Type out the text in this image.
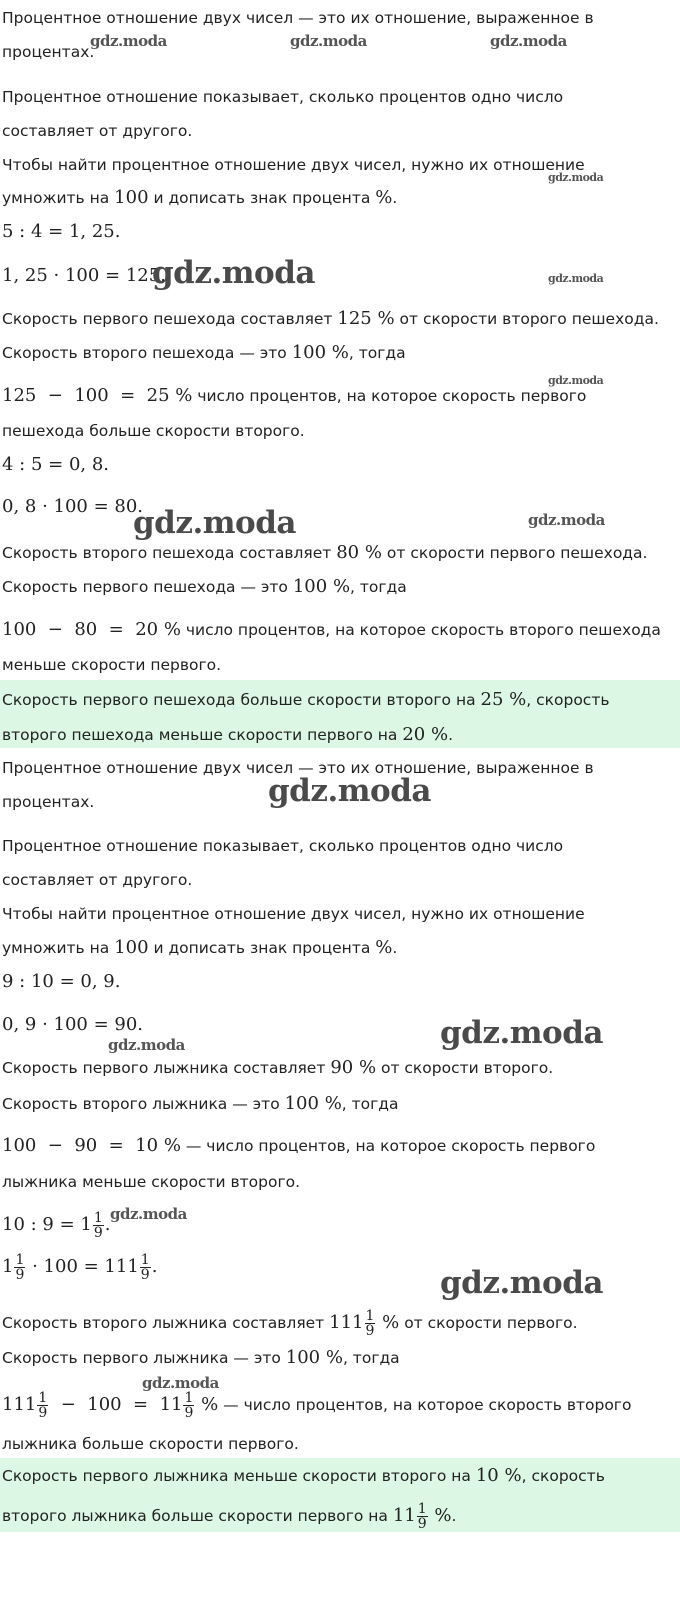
Процентное отношение двух чисел — это их отношение, выраженное в
процентах.
Процентное отношение показывает, сколько процентов одно число
составляет от другого.
Чтобы найти процентное отношение двух чисел, нужно их отношение
умножить на 100 и дописать знак процента %.
5 : 4 = 1, 25.
1, 25 · 100 = 125.
Скорость первого пешехода составляет 125 % от скорости второго пешехода.
Скорость второго пешехода — это 100 %, тогда
125  −  100  =  25 % число процентов, на которое скорость первого
пешехода больше скорости второго.
4 : 5 = 0, 8.
0, 8 · 100 = 80.
Скорость второго пешехода составляет 80 % от скорости первого пешехода.
Скорость первого пешехода — это 100 %, тогда
100  −  80  =  20 % число процентов, на которое скорость второго пешехода
меньше скорости первого.
Скорость первого пешехода больше скорости второго на 25 %, скорость
второго пешехода меньше скорости первого на 20 %.
Процентное отношение двух чисел — это их отношение, выраженное в
процентах.
Процентное отношение показывает, сколько процентов одно число
составляет от другого.
Чтобы найти процентное отношение двух чисел, нужно их отношение
умножить на 100 и дописать знак процента %.
9 : 10 = 0, 9.
0, 9 · 100 = 90.
Скорость первого лыжника составляет 90 % от скорости второго.
Скорость второго лыжника — это 100 %, тогда
100  −  90  =  10 % — число процентов, на которое скорость первого
лыжника меньше скорости второго.
10 : $9 = 1 \frac{1}{9}$ .
$1 \frac{1}{9} \cdot 100 = 111 \frac{1}{9}$ .
Скорость второго лыжника составляет $111 \frac{1}{9}$ % от скорости первого.
Скорость первого лыжника — это 100 %, тогда
$111 \frac{1}{9} - 100 = 11 \frac{1}{9}$ % — число процентов, на которое скорость второго
лыжника больше скорости первого.
Скорость первого лыжника меньше скорости второго на 10 %, скорость
второго лыжника больше скорости первого на $11 \frac{1}{9}$ %.
gdz.moda	gdz.moda	gdz.moda
gdz.moda
gdz.moda	gdz.moda
gdz.moda
gdz.moda	gdz.moda
gdz.moda
gdz.moda
gdz.moda
gdz.moda
gdz.moda
gdz.moda
